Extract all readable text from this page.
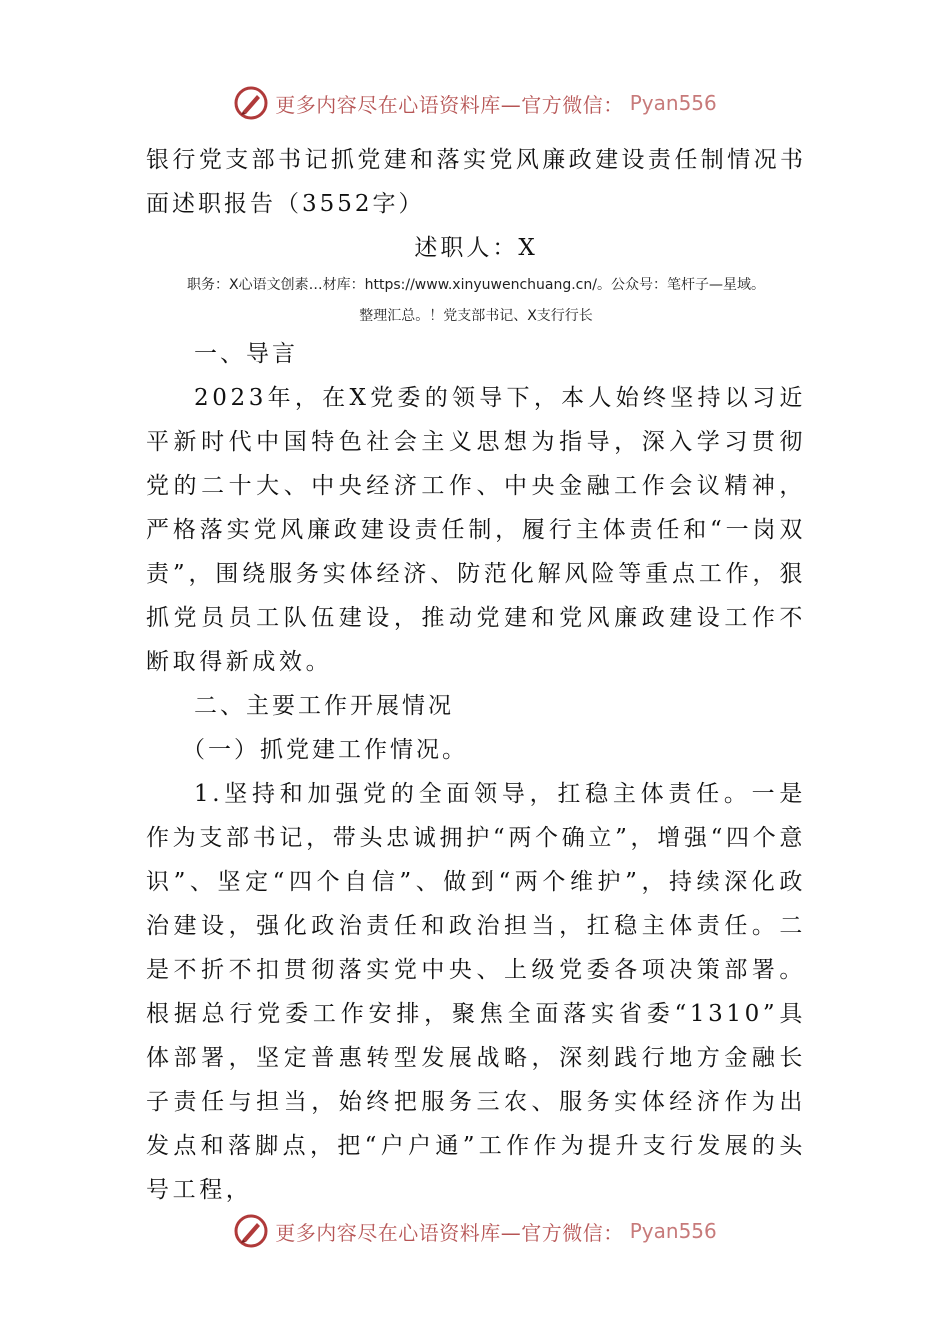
更多内容尽在心语资料库—官方微信： Pyan556
银行党支部书记抓党建和落实党风廉政建设责任制情况书面述职报告（3552字）

述职人：X

职务：X心语文创素…材库：https://www.xinyuwenchuang.cn/。公众号：笔杆子—星域。

整理汇总。！党支部书记、X支行行长

一、导言

2023年，在X党委的领导下，本人始终坚持以习近平新时代中国特色社会主义思想为指导，深入学习贯彻党的二十大、中央经济工作、中央金融工作会议精神，严格落实党风廉政建设责任制，履行主体责任和“一岗双责”，围绕服务实体经济、防范化解风险等重点工作，狠抓党员员工队伍建设，推动党建和党风廉政建设工作不断取得新成效。

二、主要工作开展情况

（一）抓党建工作情况。

1.坚持和加强党的全面领导，扛稳主体责任。一是作为支部书记，带头忠诚拥护“两个确立”，增强“四个意识”、坚定“四个自信”、做到“两个维护”，持续深化政治建设，强化政治责任和政治担当，扛稳主体责任。二是不折不扣贯彻落实党中央、上级党委各项决策部署。根据总行党委工作安排，聚焦全面落实省委“1310”具体部署，坚定普惠转型发展战略，深刻践行地方金融长子责任与担当，始终把服务三农、服务实体经济作为出发点和落脚点，把“户户通”工作作为提升支行发展的头号工程，

更多内容尽在心语资料库—官方微信： Pyan556
